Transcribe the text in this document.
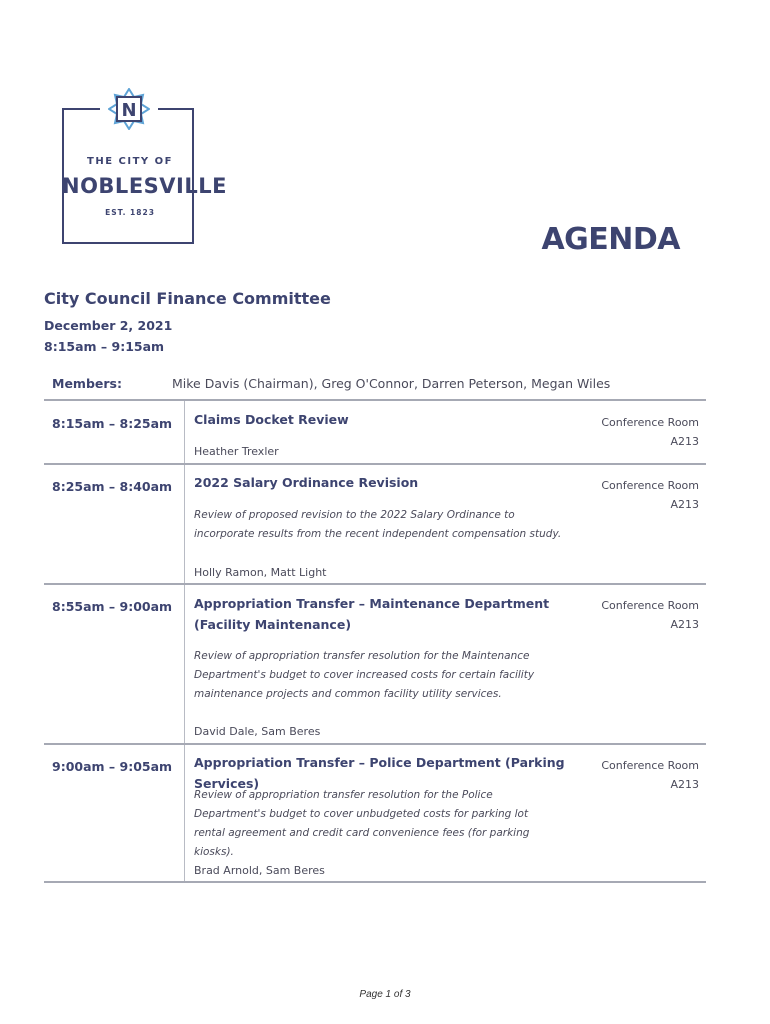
N
THE CITY OF
NOBLESVILLE
EST. 1823
AGENDA
City Council Finance Committee
December 2, 2021
8:15am – 9:15am
Members:	Mike Davis (Chairman), Greg O'Connor, Darren Peterson, Megan Wiles
8:15am – 8:25am Claims Docket Review
Heather Trexler
Conference Room
A213
8:25am – 8:40am 2022 Salary Ordinance Revision
Review of proposed revision to the 2022 Salary Ordinance to incorporate results from the recent independent compensation study.
Holly Ramon, Matt Light
Conference Room
A213
8:55am – 9:00am Appropriation Transfer – Maintenance Department (Facility Maintenance)
Review of appropriation transfer resolution for the Maintenance Department's budget to cover increased costs for certain facility maintenance projects and common facility utility services.
David Dale, Sam Beres
Conference Room
A213
9:00am – 9:05am Appropriation Transfer – Police Department (Parking Services)
Review of appropriation transfer resolution for the Police Department's budget to cover unbudgeted costs for parking lot rental agreement and credit card convenience fees (for parking kiosks).
Brad Arnold, Sam Beres
Conference Room
A213
Page 1 of 3
